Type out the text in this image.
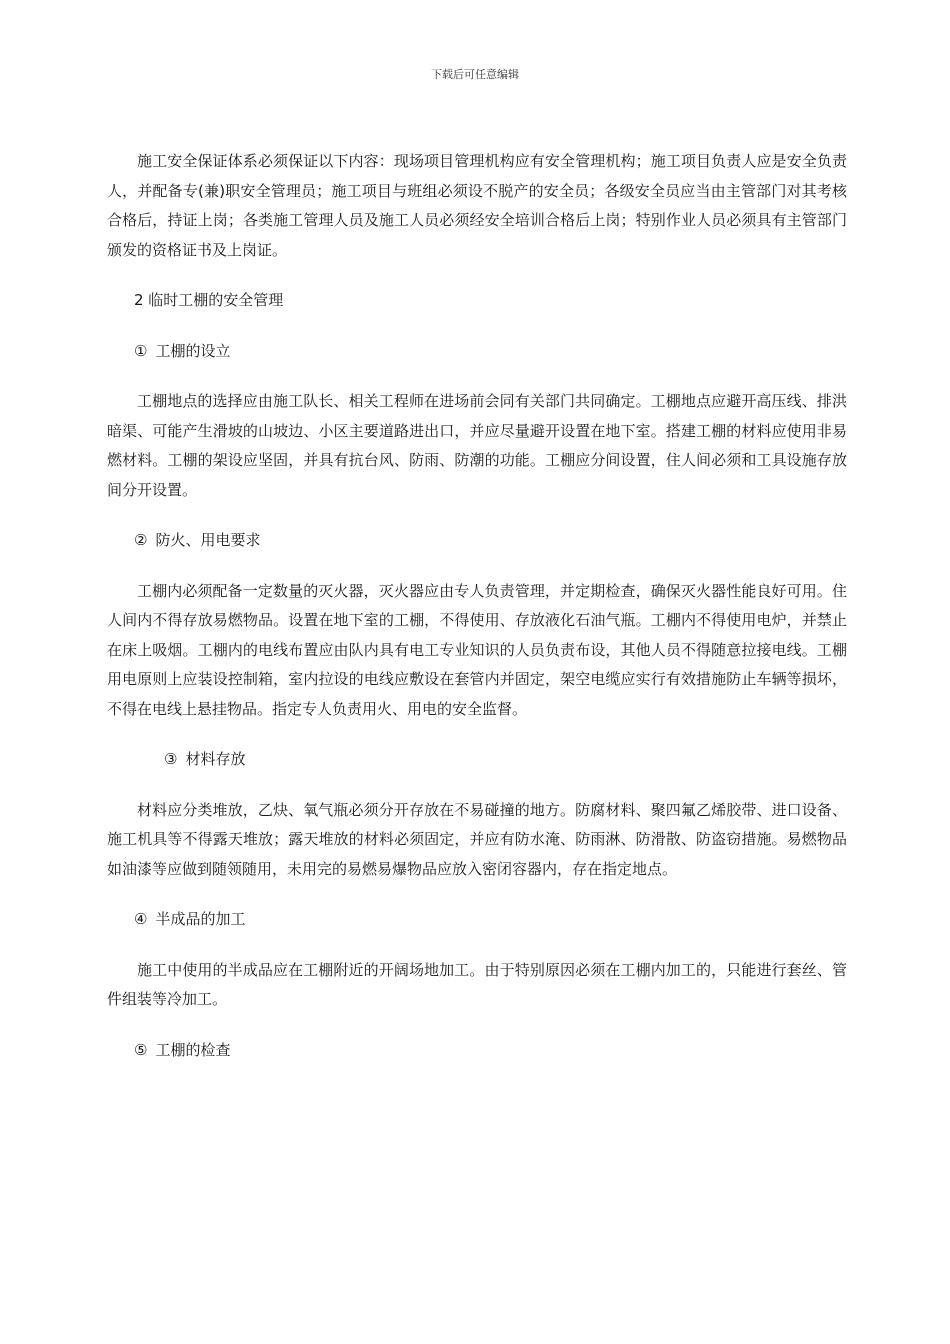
下载后可任意编辑

施工安全保证体系必须保证以下内容：现场项目管理机构应有安全管理机构；施工项目负责人应是安全负责人，并配备专(兼)职安全管理员；施工项目与班组必须设不脱产的安全员；各级安全员应当由主管部门对其考核合格后，持证上岗；各类施工管理人员及施工人员必须经安全培训合格后上岗；特别作业人员必须具有主管部门颁发的资格证书及上岗证。

2 临时工棚的安全管理

① 工棚的设立

工棚地点的选择应由施工队长、相关工程师在进场前会同有关部门共同确定。工棚地点应避开高压线、排洪暗渠、可能产生滑坡的山坡边、小区主要道路进出口，并应尽量避开设置在地下室。搭建工棚的材料应使用非易燃材料。工棚的架设应坚固，并具有抗台风、防雨、防潮的功能。工棚应分间设置，住人间必须和工具设施存放间分开设置。

② 防火、用电要求

工棚内必须配备一定数量的灭火器，灭火器应由专人负责管理，并定期检查，确保灭火器性能良好可用。住人间内不得存放易燃物品。设置在地下室的工棚，不得使用、存放液化石油气瓶。工棚内不得使用电炉，并禁止在床上吸烟。工棚内的电线布置应由队内具有电工专业知识的人员负责布设，其他人员不得随意拉接电线。工棚用电原则上应装设控制箱，室内拉设的电线应敷设在套管内并固定，架空电缆应实行有效措施防止车辆等损坏，不得在电线上悬挂物品。指定专人负责用火、用电的安全监督。

③ 材料存放

材料应分类堆放，乙炔、氧气瓶必须分开存放在不易碰撞的地方。防腐材料、聚四氟乙烯胶带、进口设备、施工机具等不得露天堆放；露天堆放的材料必须固定，并应有防水淹、防雨淋、防滑散、防盗窃措施。易燃物品如油漆等应做到随领随用，未用完的易燃易爆物品应放入密闭容器内，存在指定地点。

④ 半成品的加工

施工中使用的半成品应在工棚附近的开阔场地加工。由于特别原因必须在工棚内加工的，只能进行套丝、管件组装等冷加工。

⑤ 工棚的检查
